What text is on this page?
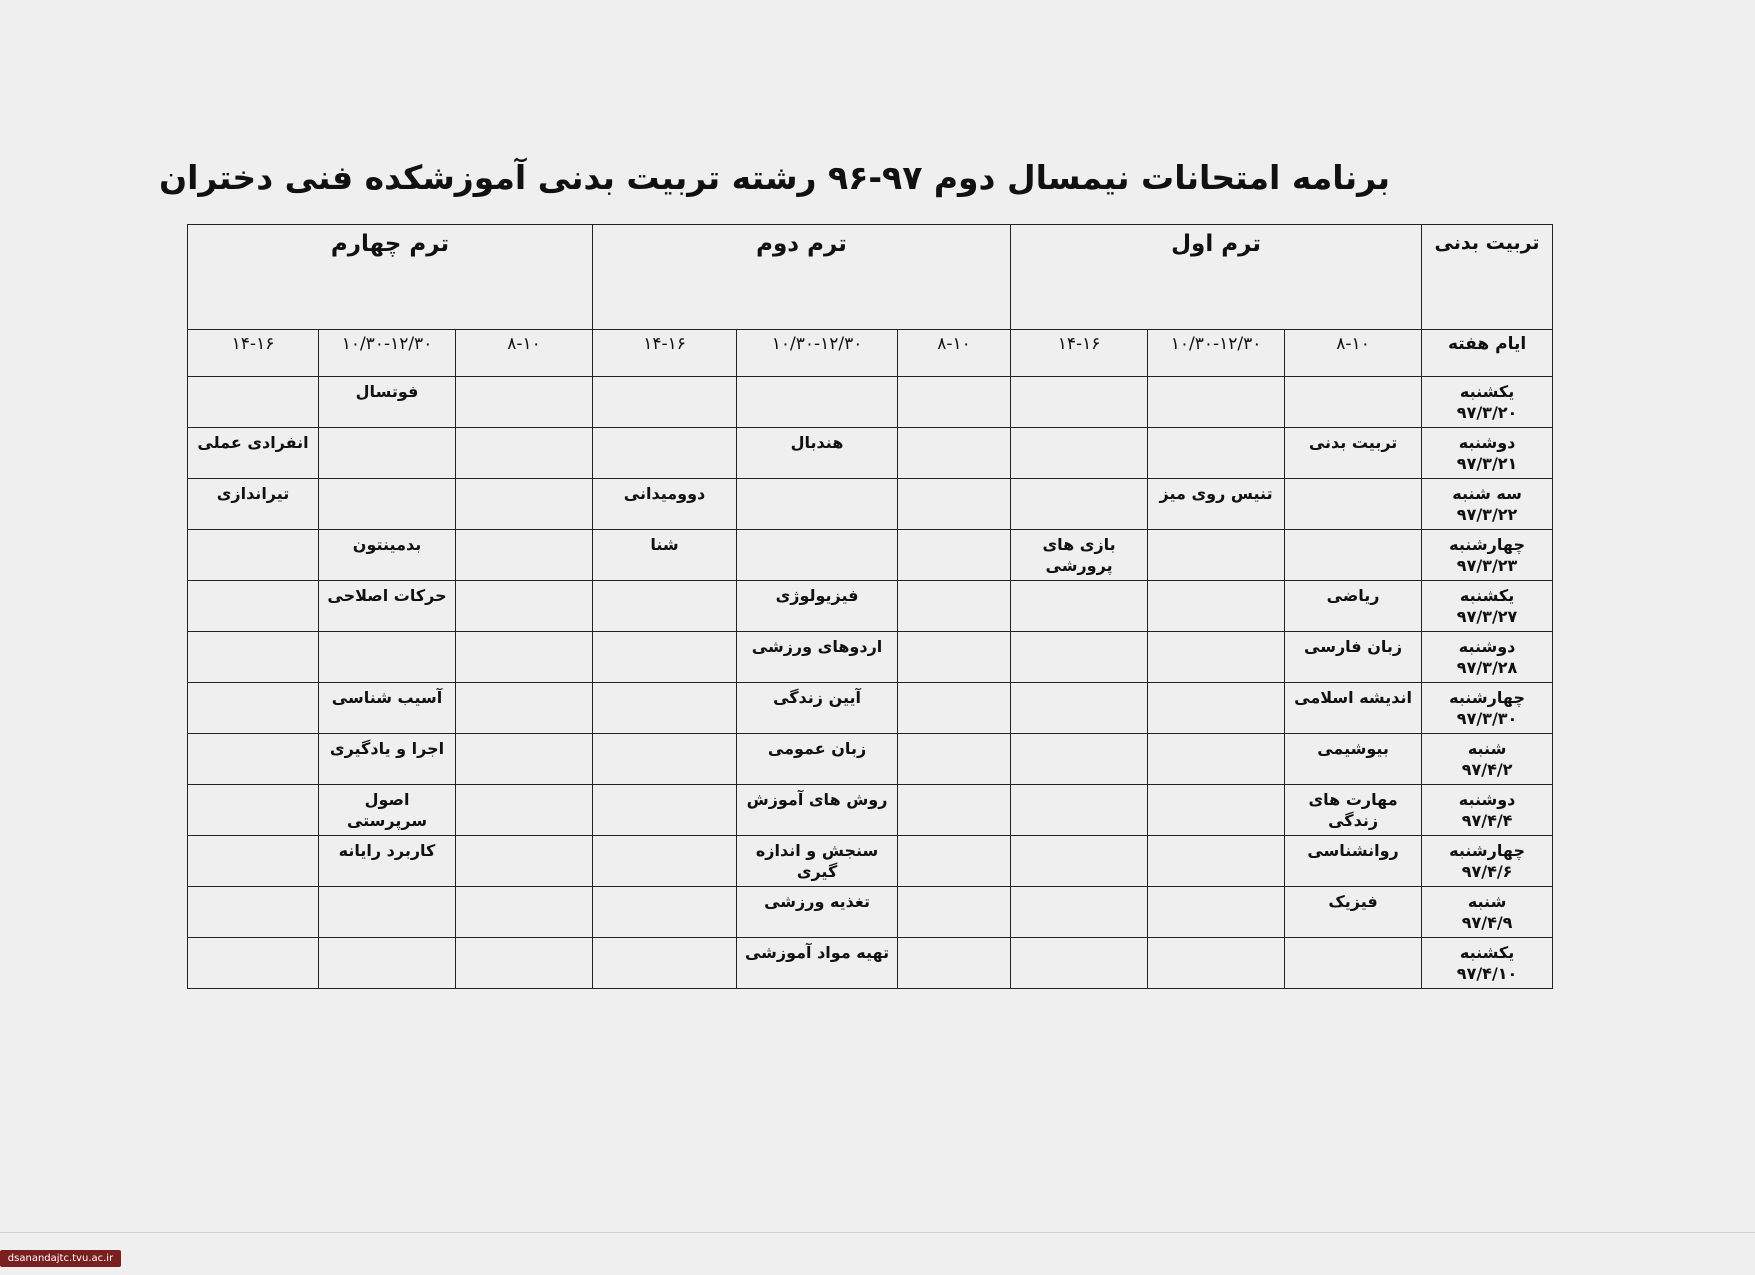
برنامه امتحانات نیمسال دوم ۹۷-۹۶ رشته تربیت بدنی آموزشکده فنی دختران
تربیت بدنی	ترم اول			ترم دوم			ترم چهارم		
ایام هفته	۸-۱۰	۱۰/۳۰-۱۲/۳۰	۱۴-۱۶	۸-۱۰	۱۰/۳۰-۱۲/۳۰	۱۴-۱۶	۸-۱۰	۱۰/۳۰-۱۲/۳۰	۱۴-۱۶

یکشنبه
۹۷/۳/۲۰								فوتسال	

دوشنبه
۹۷/۳/۲۱	تربیت بدنی				هندبال				انفرادی عملی

سه شنبه
۹۷/۳/۲۲		تنیس روی میز				دوومیدانی			تیراندازی

چهارشنبه
۹۷/۳/۲۳			بازی های پرورشی			شنا		بدمینتون	

یکشنبه
۹۷/۳/۲۷	ریاضی				فیزیولوژی			حرکات اصلاحی	

دوشنبه
۹۷/۳/۲۸	زبان فارسی				اردوهای ورزشی				

چهارشنبه
۹۷/۳/۳۰	اندیشه اسلامی				آیین زندگی			آسیب شناسی	

شنبه
۹۷/۴/۲	بیوشیمی				زبان عمومی			اجرا و یادگیری	

دوشنبه
۹۷/۴/۴	مهارت های زندگی				روش های آموزش			اصول سرپرستی	

چهارشنبه
۹۷/۴/۶	روانشناسی				سنجش و اندازه گیری			کاربرد رایانه	

شنبه
۹۷/۴/۹	فیزیک				تغذیه ورزشی				

یکشنبه
۹۷/۴/۱۰					تهیه مواد آموزشی				
dsanandajtc.tvu.ac.ir
